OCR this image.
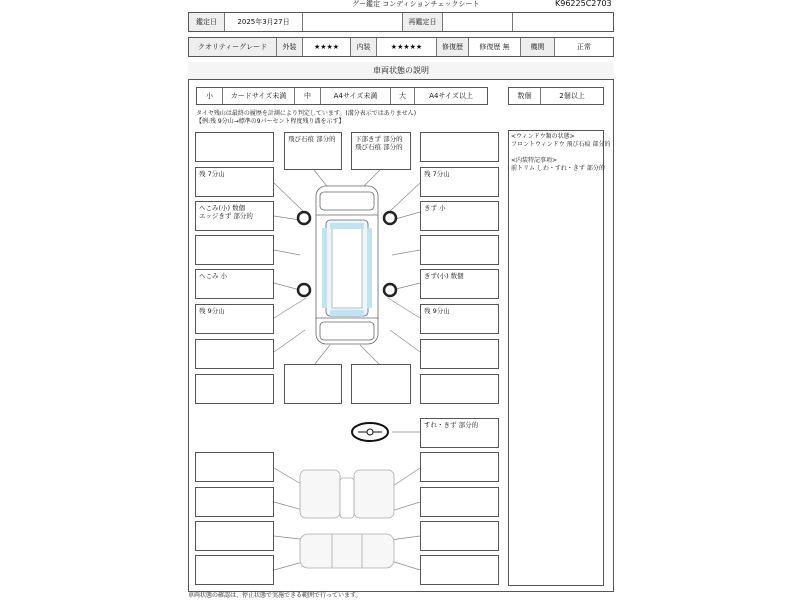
グー鑑定 コンディションチェックシート	K96225C2703
鑑定日	2025年3月27日	再鑑定日
クオリティーグレード	外装	★★★★	内装	★★★★★	修復歴	修復歴 無	機関	正常
車両状態の説明
小	カードサイズ未満	中	A4サイズ未満	大	A4サイズ以上	数個	2個以上
タイヤ残山は最終の履歴を計測により判定しています。(溝分表示ではありません)
【例:残 9分山→標準の9パーセント程度残り溝を示す】
<ウィンドウ類の状態>
フロントウィンドウ 飛び石痕 部分的
<内装特記事項>
前トリム しわ・すれ・きず 部分的
残 7分山
へこみ(小) 数個
エッジきず 部分的
へこみ 小
残 9分山
残 7分山
きず 小
きず(小) 数個
残 9分山
飛び石痕 部分的	下部きず 部分的
飛び石痕 部分的
すれ・きず 部分的
車両状態の確認は、停止状態で実施できる範囲で行っています。
